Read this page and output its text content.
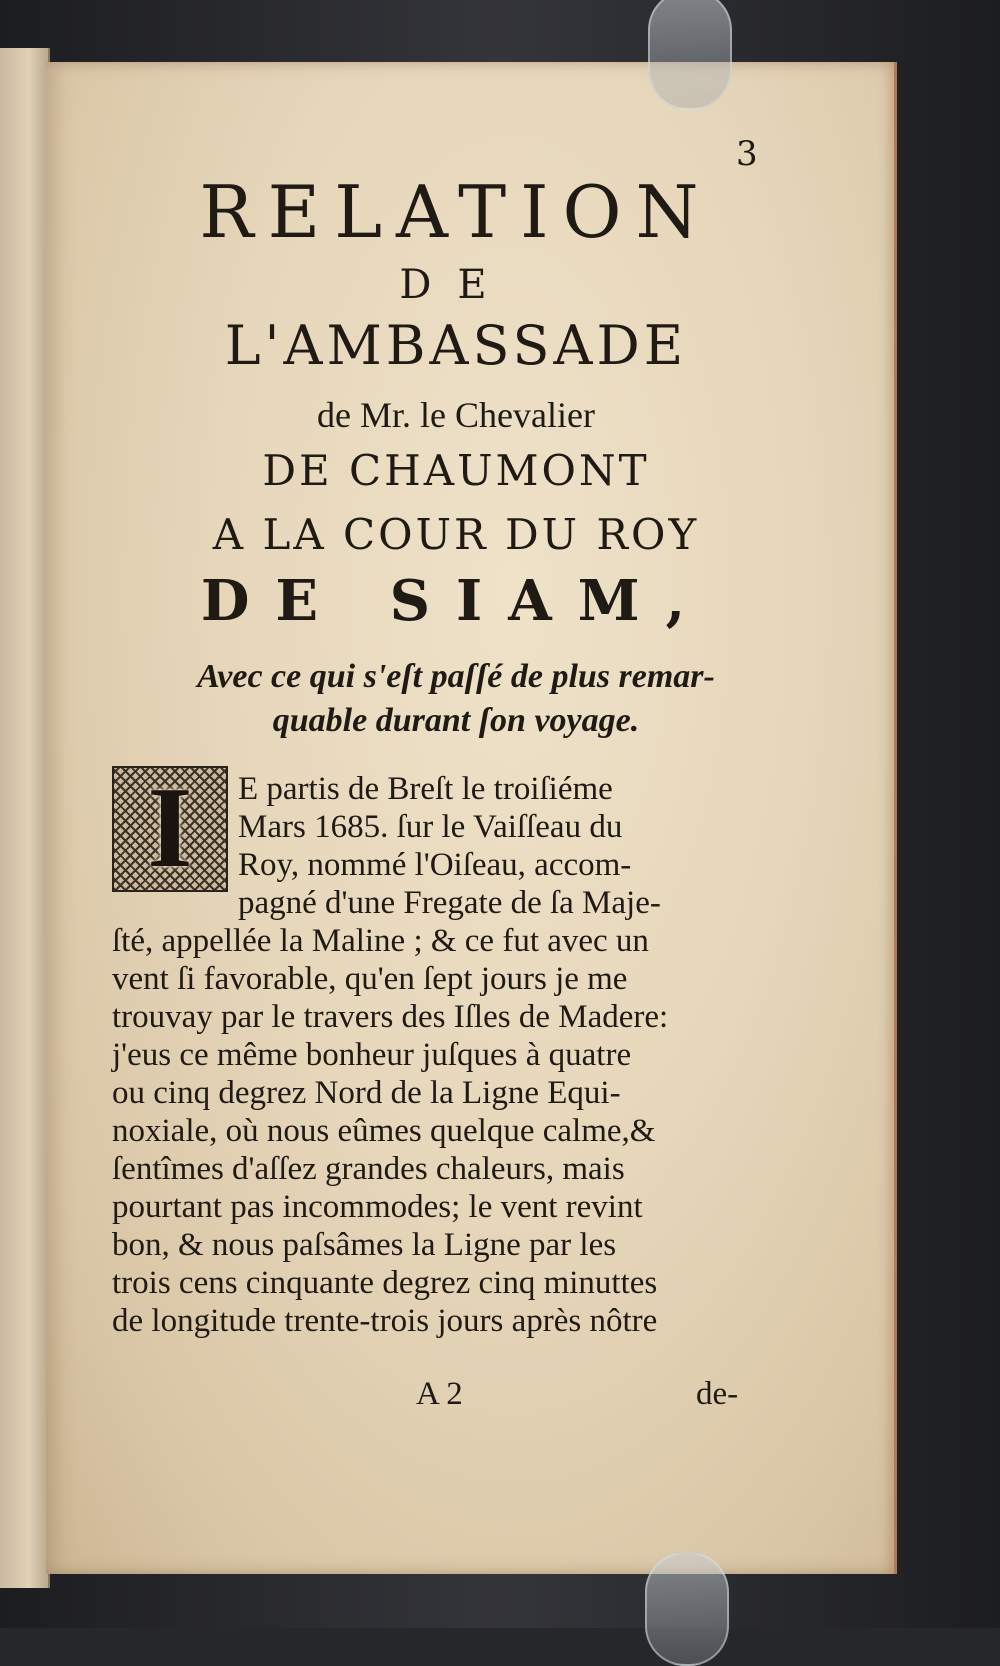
3
RELATION
DE
L'AMBASSADE
de Mr. le Chevalier
DE CHAUMONT
A LA COUR DU ROY
DE SIAM,
Avec ce qui s'eſt paſſé de plus remar-
quable durant ſon voyage.
I	E partis de Breſt le troiſiéme
Mars 1685. ſur le Vaiſſeau du
Roy, nommé l'Oiſeau, accom-
pagné d'une Fregate de ſa Maje-
ſté, appellée la Maline ; & ce fut avec un
vent ſi favorable, qu'en ſept jours je me
trouvay par le travers des Iſles de Madere:
j'eus ce même bonheur juſques à quatre
ou cinq degrez Nord de la Ligne Equi-
noxiale, où nous eûmes quelque calme,&
ſentîmes d'aſſez grandes chaleurs, mais
pourtant pas incommodes; le vent revint
bon, & nous paſsâmes la Ligne par les
trois cens cinquante degrez cinq minuttes
de longitude trente-trois jours après nôtre
A 2	de-
